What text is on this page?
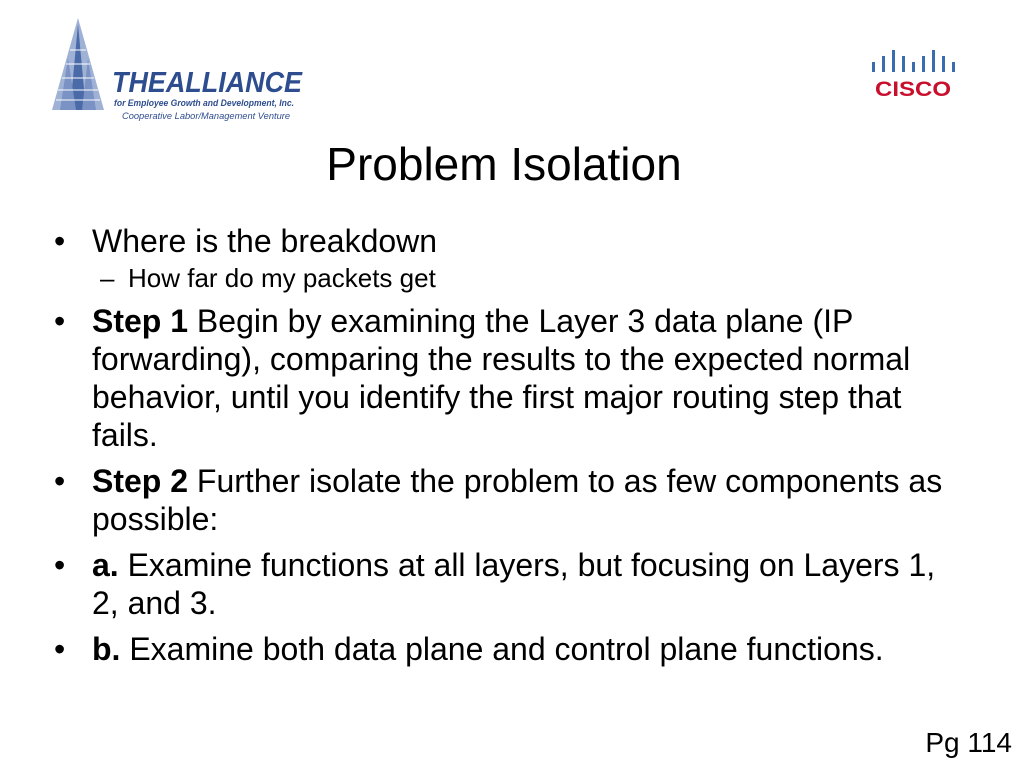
THEALLIANCE
for Employee Growth and Development, Inc.
Cooperative Labor/Management Venture
CISCO
Problem Isolation
• Where is the breakdown
– How far do my packets get
• Step 1 Begin by examining the Layer 3 data plane (IP forwarding), comparing the results to the expected normal behavior, until you identify the first major routing step that fails.
• Step 2 Further isolate the problem to as few components as possible:
• a. Examine functions at all layers, but focusing on Layers 1, 2, and 3.
• b. Examine both data plane and control plane functions.
Pg 114
